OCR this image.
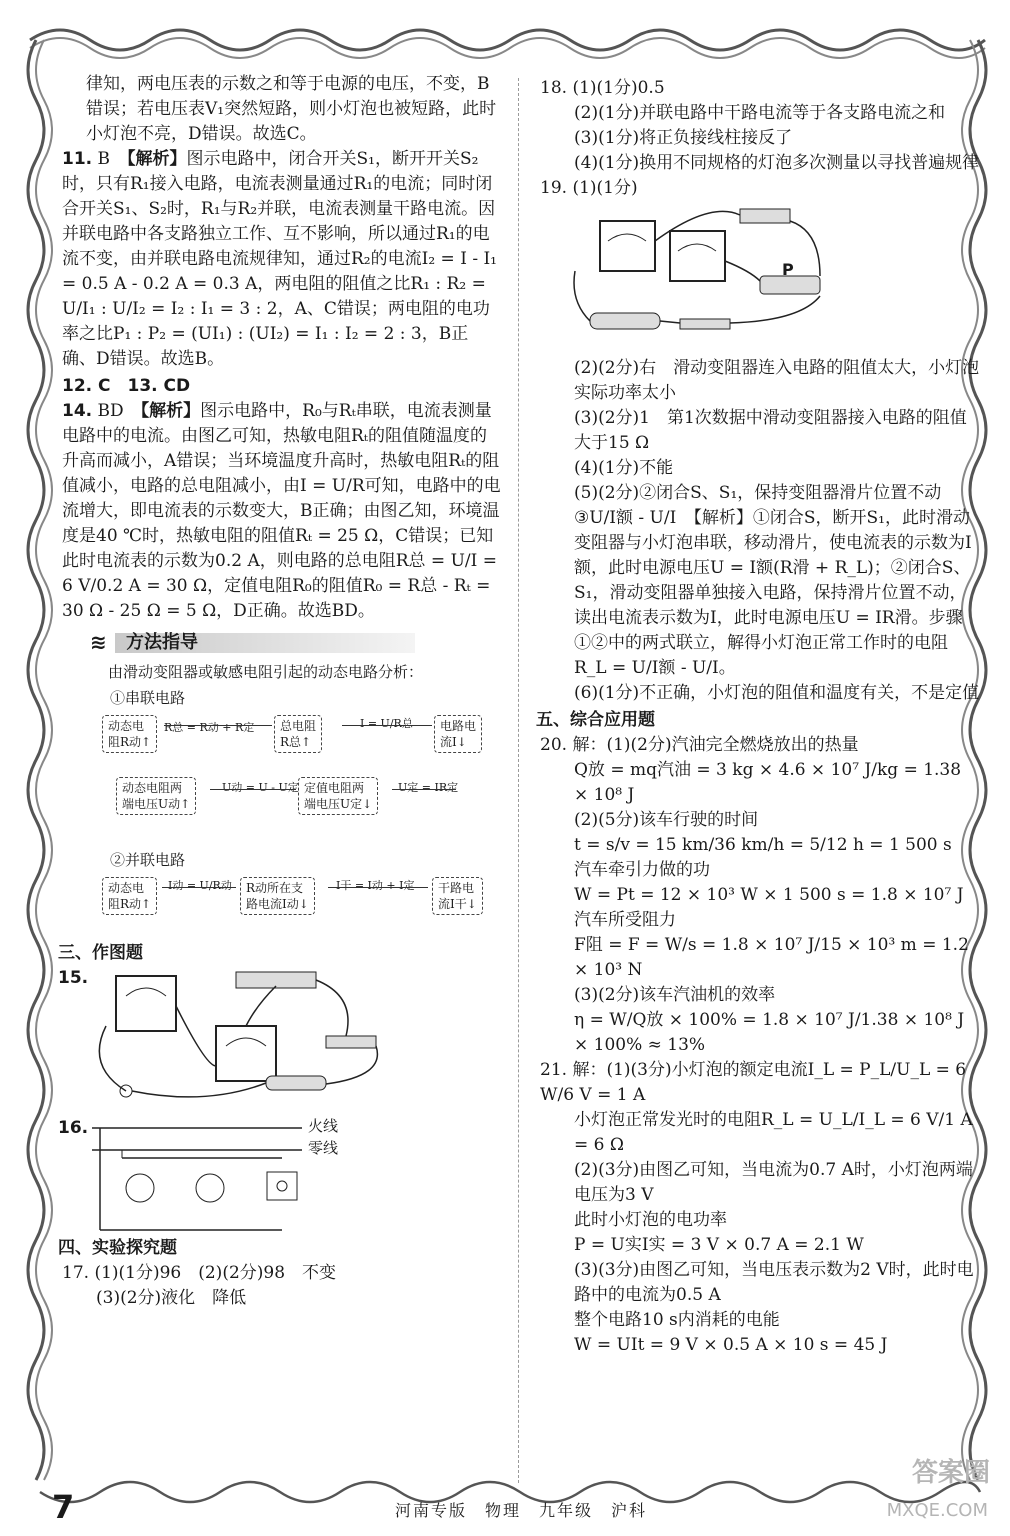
律知，两电压表的示数之和等于电源的电压，不变，B错误；若电压表V₁突然短路，则小灯泡也被短路，此时小灯泡不亮，D错误。故选C。

11. B　 【解析】图示电路中，闭合开关S₁，断开开关S₂时，只有R₁接入电路，电流表测量通过R₁的电流；同时闭合开关S₁、S₂时，R₁与R₂并联，电流表测量干路电流。因并联电路中各支路独立工作、互不影响，所以通过R₁的电流不变，由并联电路电流规律知，通过R₂的电流I₂ = I - I₁ = 0.5 A - 0.2 A = 0.3 A，两电阻的阻值之比R₁ : R₂ = U/I₁ : U/I₂ = I₂ : I₁ = 3 : 2，A、C错误；两电阻的电功率之比P₁ : P₂ = (UI₁) : (UI₂) = I₁ : I₂ = 2 : 3，B正确、D错误。故选B。

12. C　 13. CD

14. BD　 【解析】图示电路中，R₀与Rₜ串联，电流表测量电路中的电流。由图乙可知，热敏电阻Rₜ的阻值随温度的升高而减小，A错误；当环境温度升高时，热敏电阻Rₜ的阻值减小，电路的总电阻减小，由I = U/R可知，电路中的电流增大，即电流表的示数变大，B正确；由图乙知，环境温度是40 ℃时，热敏电阻的阻值Rₜ = 25 Ω，C错误；已知此时电流表的示数为0.2 A，则电路的总电阻R总 = U/I = 6 V/0.2 A = 30 Ω，定值电阻R₀的阻值R₀ = R总 - Rₜ = 30 Ω - 25 Ω = 5 Ω，D正确。故选BD。

≋ 方法指导
由滑动变阻器或敏感电阻引起的动态电路分析：
①串联电路
动态电
阻R动↑
R总 = R动 + R定	总电阻
R总↑
I = U/R总	电路电
流I↓
定值电阻两
端电压U定↓
U定 = IR定
U动 = U - U定
动态电阻两
端电压U动↑
②并联电路
动态电
阻R动↑
I动 = U/R动	R动所在支
路电流I动↓
I干 = I动 + I定	干路电
流I干↓

三、作图题

15.
16.	火线
零线

四、实验探究题

17. (1)(1分)96　(2)(2分)98　不变

(3)(2分)液化　降低

18. (1)(1分)0.5

(2)(1分)并联电路中干路电流等于各支路电流之和

(3)(1分)将正负接线柱接反了

(4)(1分)换用不同规格的灯泡多次测量以寻找普遍规律

19. (1)(1分)

P

(2)(2分)右　滑动变阻器连入电路的阻值太大，小灯泡实际功率太小

(3)(2分)1　第1次数据中滑动变阻器接入电路的阻值大于15 Ω

(4)(1分)不能

(5)(2分)②闭合S、S₁，保持变阻器滑片位置不动

③U/I额 - U/I　【解析】①闭合S，断开S₁，此时滑动变阻器与小灯泡串联，移动滑片，使电流表的示数为I额，此时电源电压U = I额(R滑 + R_L)；②闭合S、S₁，滑动变阻器单独接入电路，保持滑片位置不动，读出电流表示数为I，此时电源电压U = IR滑。步骤①②中的两式联立，解得小灯泡正常工作时的电阻R_L = U/I额 - U/I。

(6)(1分)不正确，小灯泡的阻值和温度有关，不是定值

五、综合应用题

20. 解：(1)(2分)汽油完全燃烧放出的热量

Q放 = mq汽油 = 3 kg × 4.6 × 10⁷ J/kg = 1.38 × 10⁸ J

(2)(5分)该车行驶的时间

t = s/v = 15 km/36 km/h = 5/12 h = 1 500 s

汽车牵引力做的功

W = Pt = 12 × 10³ W × 1 500 s = 1.8 × 10⁷ J

汽车所受阻力

F阻 = F = W/s = 1.8 × 10⁷ J/15 × 10³ m = 1.2 × 10³ N

(3)(2分)该车汽油机的效率

η = W/Q放 × 100% = 1.8 × 10⁷ J/1.38 × 10⁸ J × 100% ≈ 13%

21. 解：(1)(3分)小灯泡的额定电流I_L = P_L/U_L = 6 W/6 V = 1 A

小灯泡正常发光时的电阻R_L = U_L/I_L = 6 V/1 A = 6 Ω

(2)(3分)由图乙可知，当电流为0.7 A时，小灯泡两端电压为3 V

此时小灯泡的电功率

P = U实I实 = 3 V × 0.7 A = 2.1 W

(3)(3分)由图乙可知，当电压表示数为2 V时，此时电路中的电流为0.5 A

整个电路10 s内消耗的电能

W = UIt = 9 V × 0.5 A × 10 s = 45 J

答案圈
MXQE.COM
7	河南专版　物理　九年级　沪科
